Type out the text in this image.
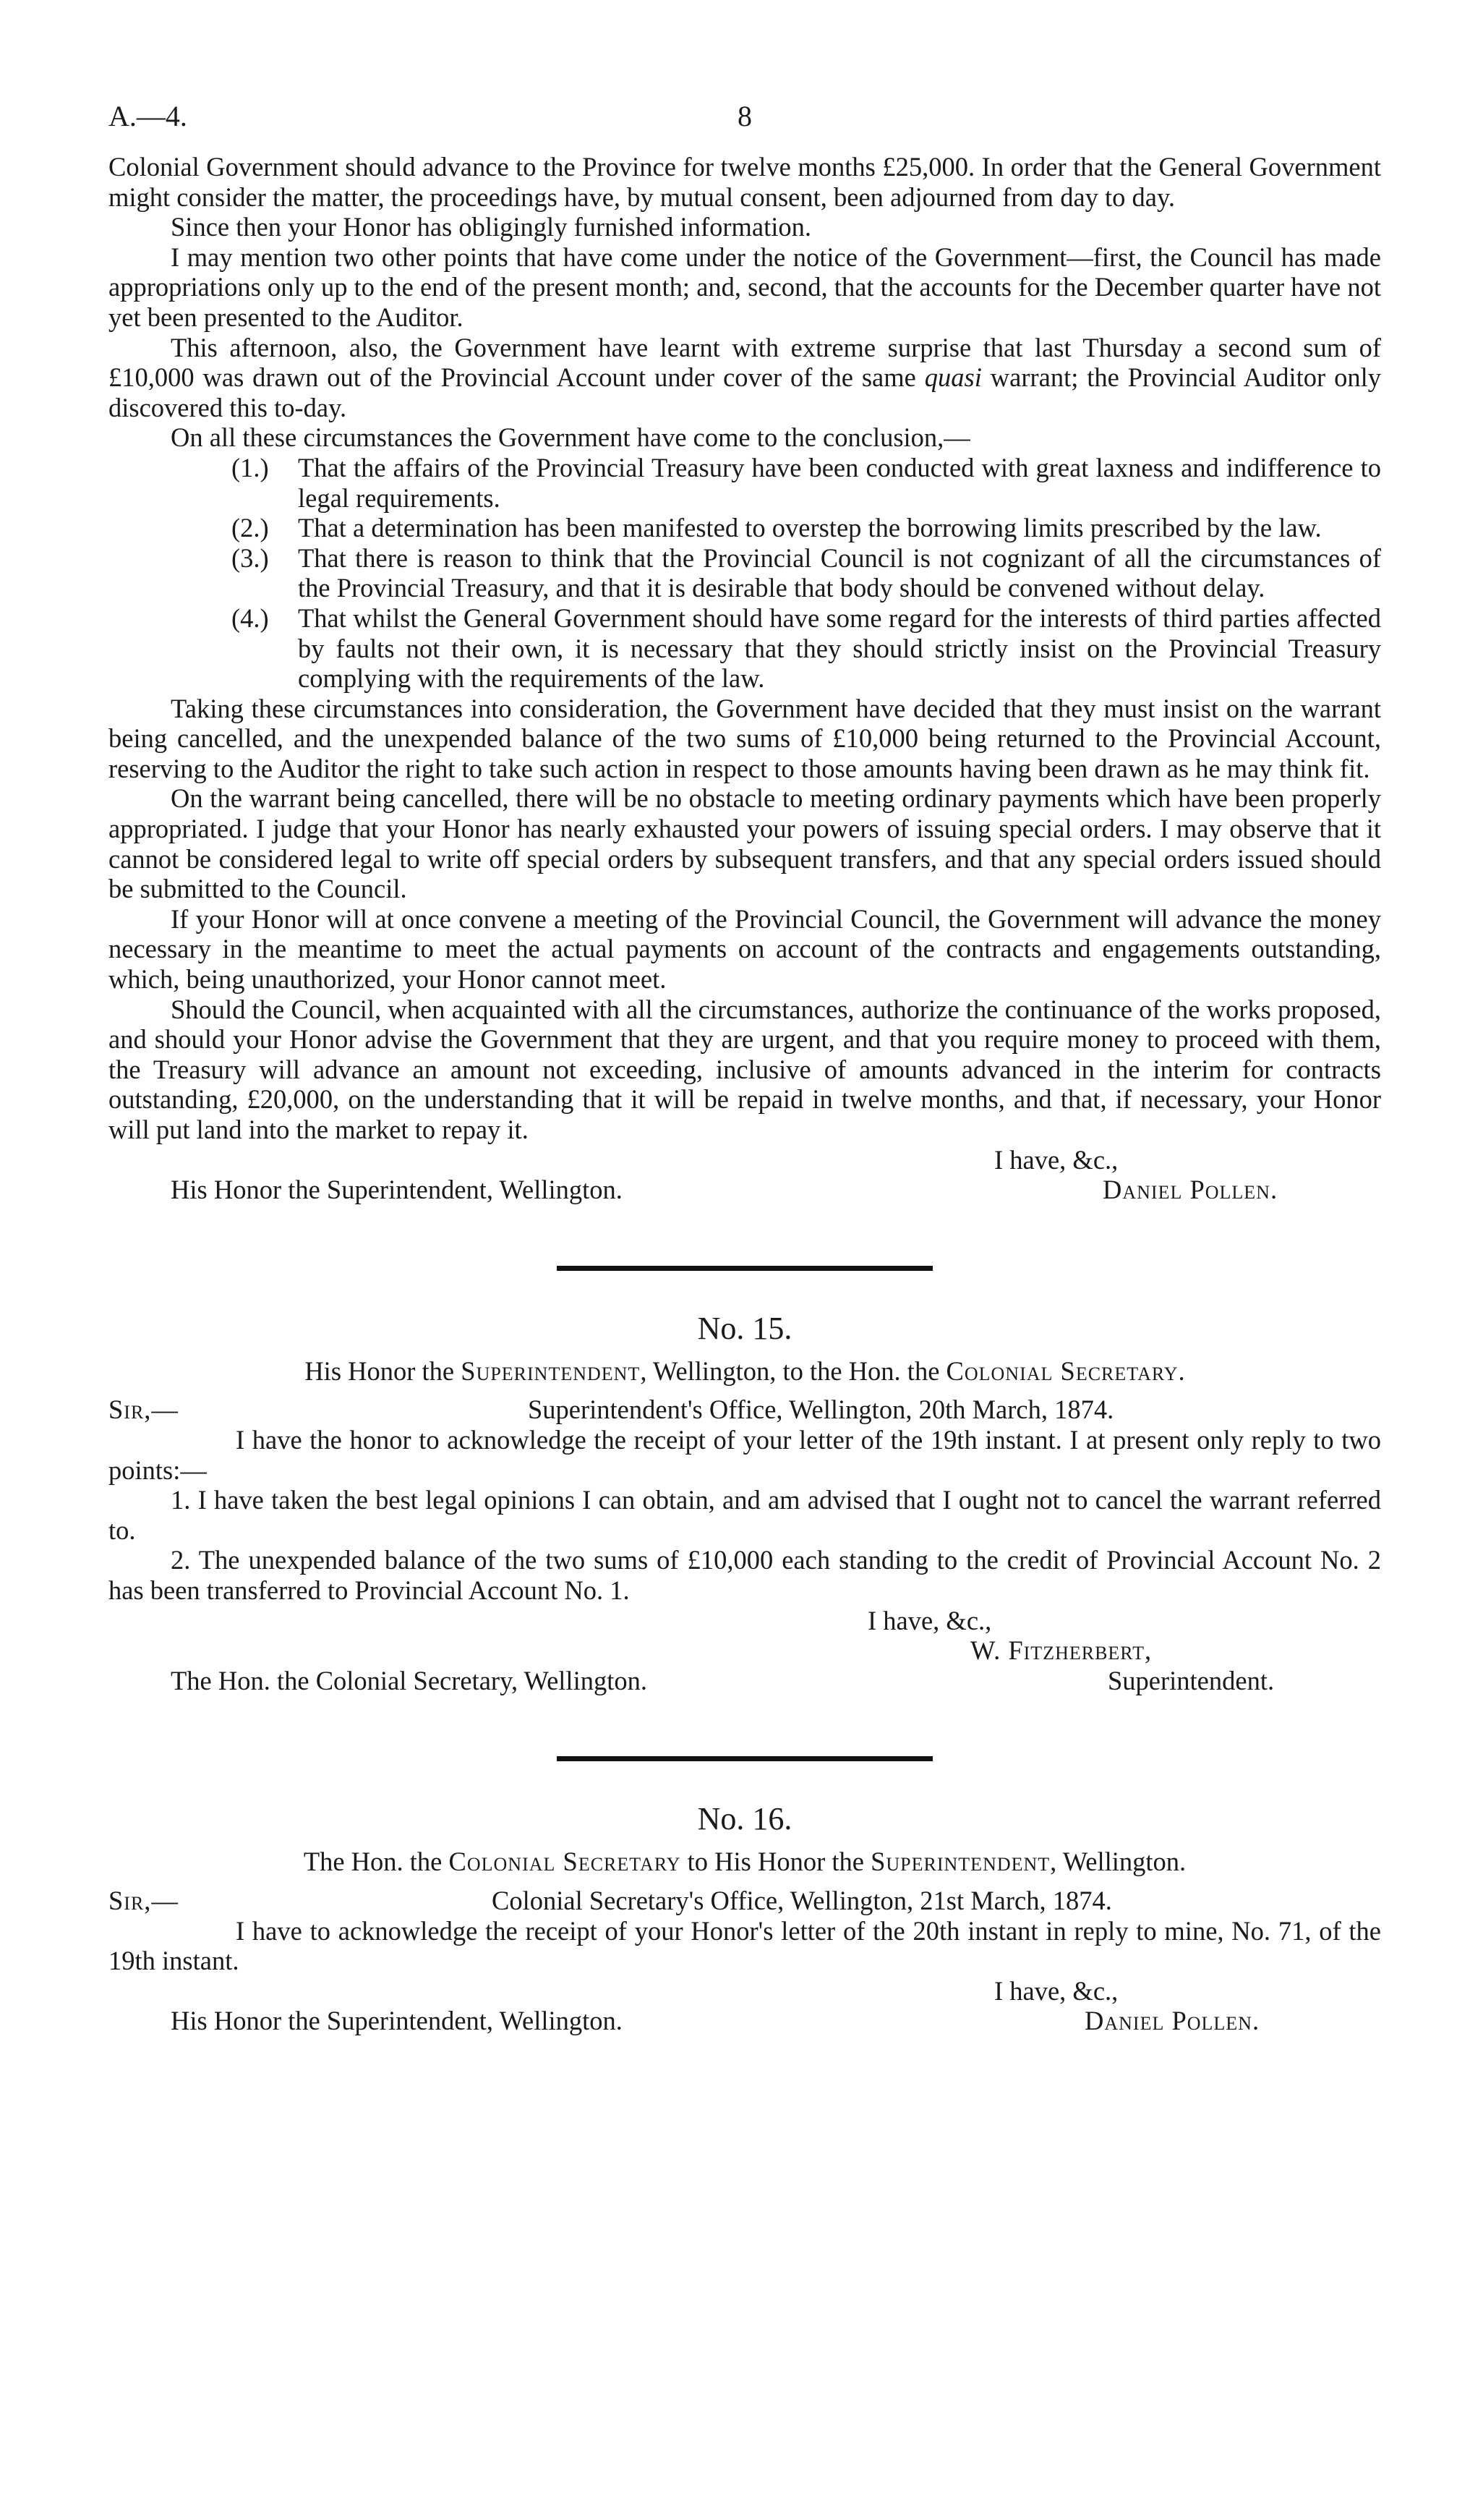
A.—4.	8

Colonial Government should advance to the Province for twelve months £25,000. In order that the General Government might consider the matter, the proceedings have, by mutual consent, been adjourned from day to day.

Since then your Honor has obligingly furnished information.

I may mention two other points that have come under the notice of the Government—first, the Council has made appropriations only up to the end of the present month; and, second, that the accounts for the December quarter have not yet been presented to the Auditor.

This afternoon, also, the Government have learnt with extreme surprise that last Thursday a second sum of £10,000 was drawn out of the Provincial Account under cover of the same quasi warrant; the Provincial Auditor only discovered this to-day.

On all these circumstances the Government have come to the conclusion,—

(1.) That the affairs of the Provincial Treasury have been conducted with great laxness and indifference to legal requirements.
(2.) That a determination has been manifested to overstep the borrowing limits prescribed by the law.
(3.) That there is reason to think that the Provincial Council is not cognizant of all the circumstances of the Provincial Treasury, and that it is desirable that body should be convened without delay.
(4.) That whilst the General Government should have some regard for the interests of third parties affected by faults not their own, it is necessary that they should strictly insist on the Provincial Treasury complying with the requirements of the law.

Taking these circumstances into consideration, the Government have decided that they must insist on the warrant being cancelled, and the unexpended balance of the two sums of £10,000 being returned to the Provincial Account, reserving to the Auditor the right to take such action in respect to those amounts having been drawn as he may think fit.

On the warrant being cancelled, there will be no obstacle to meeting ordinary payments which have been properly appropriated. I judge that your Honor has nearly exhausted your powers of issuing special orders. I may observe that it cannot be considered legal to write off special orders by subsequent transfers, and that any special orders issued should be submitted to the Council.

If your Honor will at once convene a meeting of the Provincial Council, the Government will advance the money necessary in the meantime to meet the actual payments on account of the contracts and engagements outstanding, which, being unauthorized, your Honor cannot meet.

Should the Council, when acquainted with all the circumstances, authorize the continuance of the works proposed, and should your Honor advise the Government that they are urgent, and that you require money to proceed with them, the Treasury will advance an amount not exceeding, inclusive of amounts advanced in the interim for contracts outstanding, £20,000, on the understanding that it will be repaid in twelve months, and that, if necessary, your Honor will put land into the market to repay it.

I have, &c.,
His Honor the Superintendent, Wellington.	Daniel Pollen.
No. 15.
His Honor the Superintendent, Wellington, to the Hon. the Colonial Secretary.
Sir,—	Superintendent's Office, Wellington, 20th March, 1874.

I have the honor to acknowledge the receipt of your letter of the 19th instant. I at present only reply to two points:—

1. I have taken the best legal opinions I can obtain, and am advised that I ought not to cancel the warrant referred to.

2. The unexpended balance of the two sums of £10,000 each standing to the credit of Provincial Account No. 2 has been transferred to Provincial Account No. 1.

I have, &c.,
W. Fitzherbert,
The Hon. the Colonial Secretary, Wellington.	Superintendent.
No. 16.
The Hon. the Colonial Secretary to His Honor the Superintendent, Wellington.
Sir,—	Colonial Secretary's Office, Wellington, 21st March, 1874.

I have to acknowledge the receipt of your Honor's letter of the 20th instant in reply to mine, No. 71, of the 19th instant.

I have, &c.,
His Honor the Superintendent, Wellington.	Daniel Pollen.
